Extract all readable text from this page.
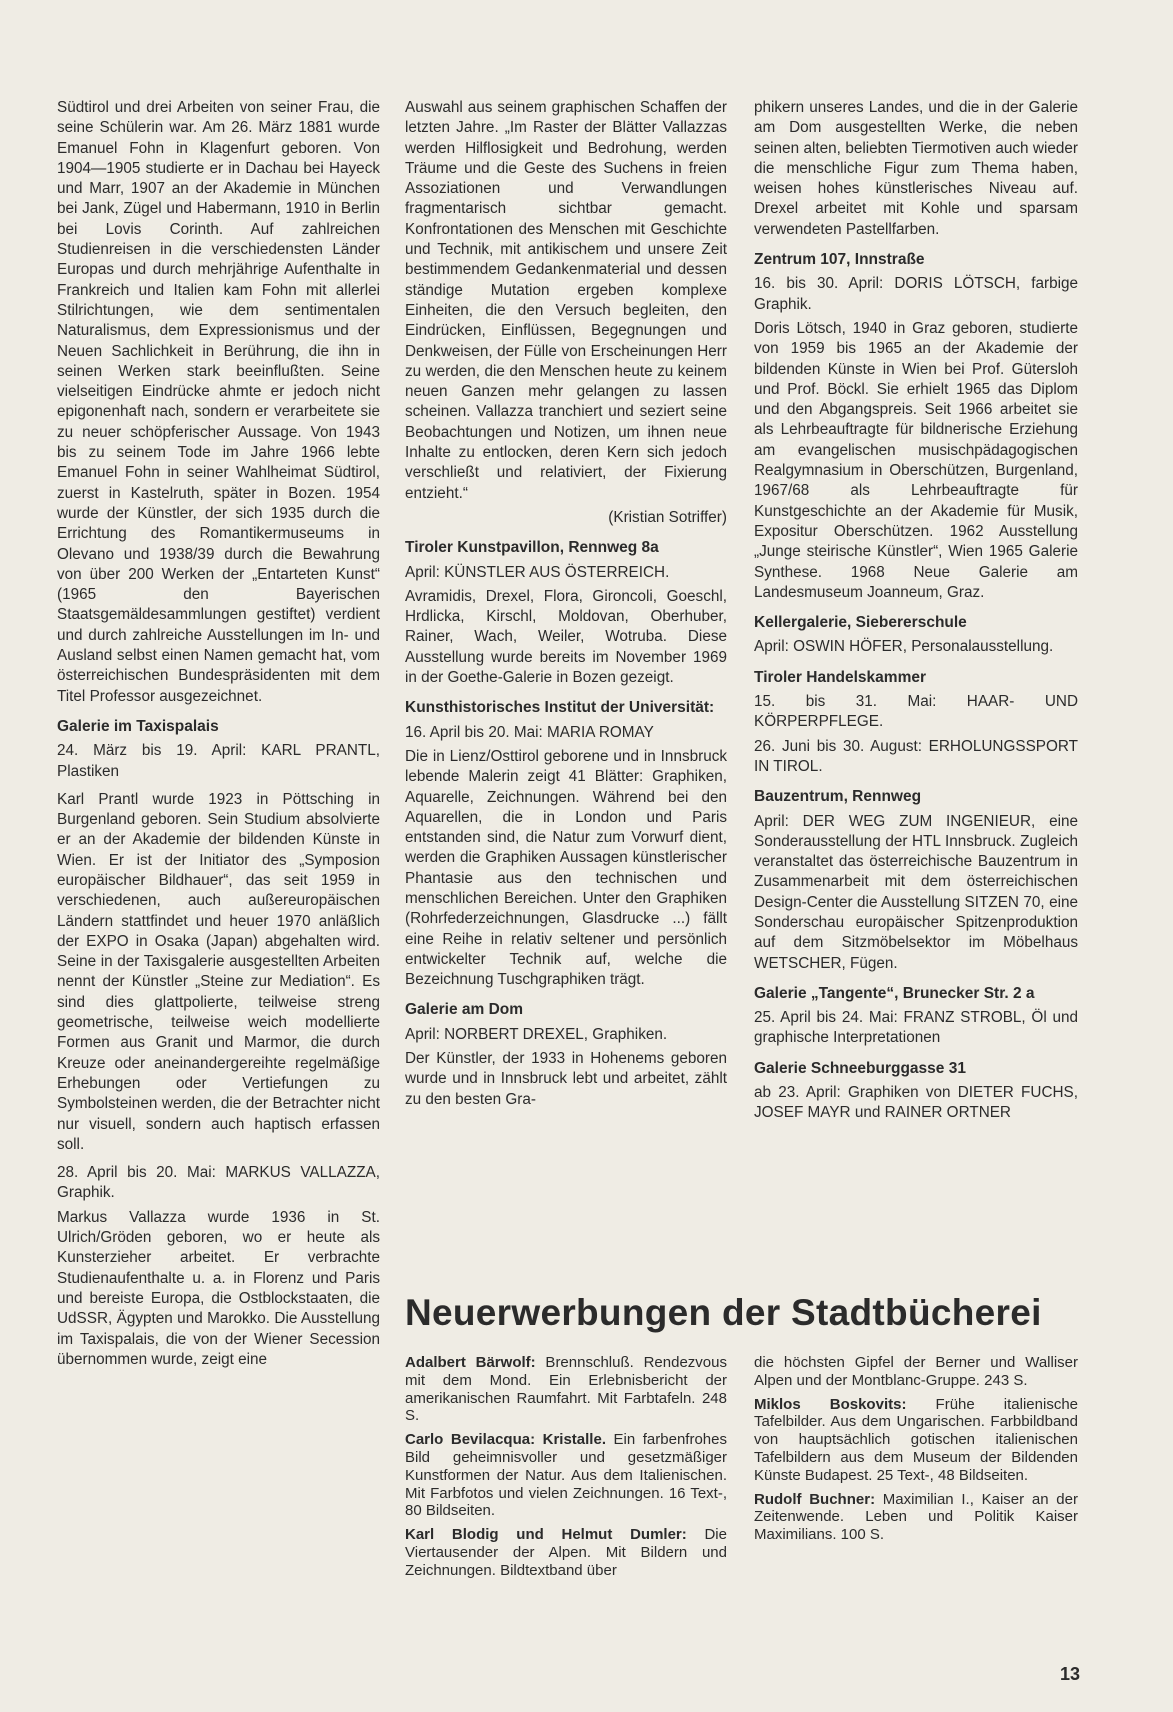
Südtirol und drei Arbeiten von seiner Frau, die seine Schülerin war. Am 26. März 1881 wurde Emanuel Fohn in Klagenfurt geboren. Von 1904—1905 studierte er in Dachau bei Hayeck und Marr, 1907 an der Akademie in München bei Jank, Zügel und Habermann, 1910 in Berlin bei Lovis Corinth. Auf zahlreichen Studienreisen in die verschiedensten Länder Europas und durch mehrjährige Aufenthalte in Frankreich und Italien kam Fohn mit allerlei Stilrichtungen, wie dem sentimentalen Naturalismus, dem Expressionismus und der Neuen Sachlichkeit in Berührung, die ihn in seinen Werken stark beeinflußten. Seine vielseitigen Eindrücke ahmte er jedoch nicht epigonenhaft nach, sondern er verarbeitete sie zu neuer schöpferischer Aussage. Von 1943 bis zu seinem Tode im Jahre 1966 lebte Emanuel Fohn in seiner Wahlheimat Südtirol, zuerst in Kastelruth, später in Bozen. 1954 wurde der Künstler, der sich 1935 durch die Errichtung des Romantikermuseums in Olevano und 1938/39 durch die Bewahrung von über 200 Werken der „Entarteten Kunst“ (1965 den Bayerischen Staatsgemäldesammlungen gestiftet) verdient und durch zahlreiche Ausstellungen im In- und Ausland selbst einen Namen gemacht hat, vom österreichischen Bundespräsidenten mit dem Titel Professor ausgezeichnet.

Galerie im Taxispalais

24. März bis 19. April: KARL PRANTL, Plastiken

Karl Prantl wurde 1923 in Pöttsching in Burgenland geboren. Sein Studium absolvierte er an der Akademie der bildenden Künste in Wien. Er ist der Initiator des „Symposion europäischer Bildhauer“, das seit 1959 in verschiedenen, auch außereuropäischen Ländern stattfindet und heuer 1970 anläßlich der EXPO in Osaka (Japan) abgehalten wird. Seine in der Taxisgalerie ausgestellten Arbeiten nennt der Künstler „Steine zur Mediation“. Es sind dies glattpolierte, teilweise streng geometrische, teilweise weich modellierte Formen aus Granit und Marmor, die durch Kreuze oder aneinandergereihte regelmäßige Erhebungen oder Vertiefungen zu Symbolsteinen werden, die der Betrachter nicht nur visuell, sondern auch haptisch erfassen soll.

28. April bis 20. Mai: MARKUS VALLAZZA, Graphik.

Markus Vallazza wurde 1936 in St. Ulrich/Gröden geboren, wo er heute als Kunsterzieher arbeitet. Er verbrachte Studienaufenthalte u. a. in Florenz und Paris und bereiste Europa, die Ostblockstaaten, die UdSSR, Ägypten und Marokko. Die Ausstellung im Taxispalais, die von der Wiener Secession übernommen wurde, zeigt eine

Auswahl aus seinem graphischen Schaffen der letzten Jahre. „Im Raster der Blätter Vallazzas werden Hilflosigkeit und Bedrohung, werden Träume und die Geste des Suchens in freien Assoziationen und Verwandlungen fragmentarisch sichtbar gemacht. Konfrontationen des Menschen mit Geschichte und Technik, mit antikischem und unsere Zeit bestimmendem Gedankenmaterial und dessen ständige Mutation ergeben komplexe Einheiten, die den Versuch begleiten, den Eindrücken, Einflüssen, Begegnungen und Denkweisen, der Fülle von Erscheinungen Herr zu werden, die den Menschen heute zu keinem neuen Ganzen mehr gelangen zu lassen scheinen. Vallazza tranchiert und seziert seine Beobachtungen und Notizen, um ihnen neue Inhalte zu entlocken, deren Kern sich jedoch verschließt und relativiert, der Fixierung entzieht.“

(Kristian Sotriffer)

Tiroler Kunstpavillon, Rennweg 8a

April: KÜNSTLER AUS ÖSTERREICH.

Avramidis, Drexel, Flora, Gironcoli, Goeschl, Hrdlicka, Kirschl, Moldovan, Oberhuber, Rainer, Wach, Weiler, Wotruba. Diese Ausstellung wurde bereits im November 1969 in der Goethe-Galerie in Bozen gezeigt.

Kunsthistorisches Institut der Universität:

16. April bis 20. Mai: MARIA ROMAY

Die in Lienz/Osttirol geborene und in Innsbruck lebende Malerin zeigt 41 Blätter: Graphiken, Aquarelle, Zeichnungen. Während bei den Aquarellen, die in London und Paris entstanden sind, die Natur zum Vorwurf dient, werden die Graphiken Aussagen künstlerischer Phantasie aus den technischen und menschlichen Bereichen. Unter den Graphiken (Rohrfederzeichnungen, Glasdrucke ...) fällt eine Reihe in relativ seltener und persönlich entwickelter Technik auf, welche die Bezeichnung Tuschgraphiken trägt.

Galerie am Dom

April: NORBERT DREXEL, Graphiken.

Der Künstler, der 1933 in Hohenems geboren wurde und in Innsbruck lebt und arbeitet, zählt zu den besten Gra-

phikern unseres Landes, und die in der Galerie am Dom ausgestellten Werke, die neben seinen alten, beliebten Tiermotiven auch wieder die menschliche Figur zum Thema haben, weisen hohes künstlerisches Niveau auf. Drexel arbeitet mit Kohle und sparsam verwendeten Pastellfarben.

Zentrum 107, Innstraße

16. bis 30. April: DORIS LÖTSCH, farbige Graphik.

Doris Lötsch, 1940 in Graz geboren, studierte von 1959 bis 1965 an der Akademie der bildenden Künste in Wien bei Prof. Gütersloh und Prof. Böckl. Sie erhielt 1965 das Diplom und den Abgangspreis. Seit 1966 arbeitet sie als Lehrbeauftragte für bildnerische Erziehung am evangelischen musischpädagogischen Realgymnasium in Oberschützen, Burgenland, 1967/68 als Lehrbeauftragte für Kunstgeschichte an der Akademie für Musik, Expositur Oberschützen. 1962 Ausstellung „Junge steirische Künstler“, Wien 1965 Galerie Synthese. 1968 Neue Galerie am Landesmuseum Joanneum, Graz.

Kellergalerie, Siebererschule

April: OSWIN HÖFER, Personalausstellung.

Tiroler Handelskammer

15. bis 31. Mai: HAAR- UND KÖRPERPFLEGE.

26. Juni bis 30. August: ERHOLUNGSSPORT IN TIROL.

Bauzentrum, Rennweg

April: DER WEG ZUM INGENIEUR, eine Sonderausstellung der HTL Innsbruck. Zugleich veranstaltet das österreichische Bauzentrum in Zusammenarbeit mit dem österreichischen Design-Center die Ausstellung SITZEN 70, eine Sonderschau europäischer Spitzenproduktion auf dem Sitzmöbelsektor im Möbelhaus WETSCHER, Fügen.

Galerie „Tangente“, Brunecker Str. 2 a

25. April bis 24. Mai: FRANZ STROBL, Öl und graphische Interpretationen

Galerie Schneeburggasse 31

ab 23. April: Graphiken von DIETER FUCHS, JOSEF MAYR und RAINER ORTNER

Neuerwerbungen der Stadtbücherei

Adalbert Bärwolf: Brennschluß. Rendezvous mit dem Mond. Ein Erlebnisbericht der amerikanischen Raumfahrt. Mit Farbtafeln. 248 S.

Carlo Bevilacqua: Kristalle. Ein farbenfrohes Bild geheimnisvoller und gesetzmäßiger Kunstformen der Natur. Aus dem Italienischen. Mit Farbfotos und vielen Zeichnungen. 16 Text-, 80 Bildseiten.

Karl Blodig und Helmut Dumler: Die Viertausender der Alpen. Mit Bildern und Zeichnungen. Bildtextband über

die höchsten Gipfel der Berner und Walliser Alpen und der Montblanc-Gruppe. 243 S.

Miklos Boskovits: Frühe italienische Tafelbilder. Aus dem Ungarischen. Farbbildband von hauptsächlich gotischen italienischen Tafelbildern aus dem Museum der Bildenden Künste Budapest. 25 Text-, 48 Bildseiten.

Rudolf Buchner: Maximilian I., Kaiser an der Zeitenwende. Leben und Politik Kaiser Maximilians. 100 S.

13
